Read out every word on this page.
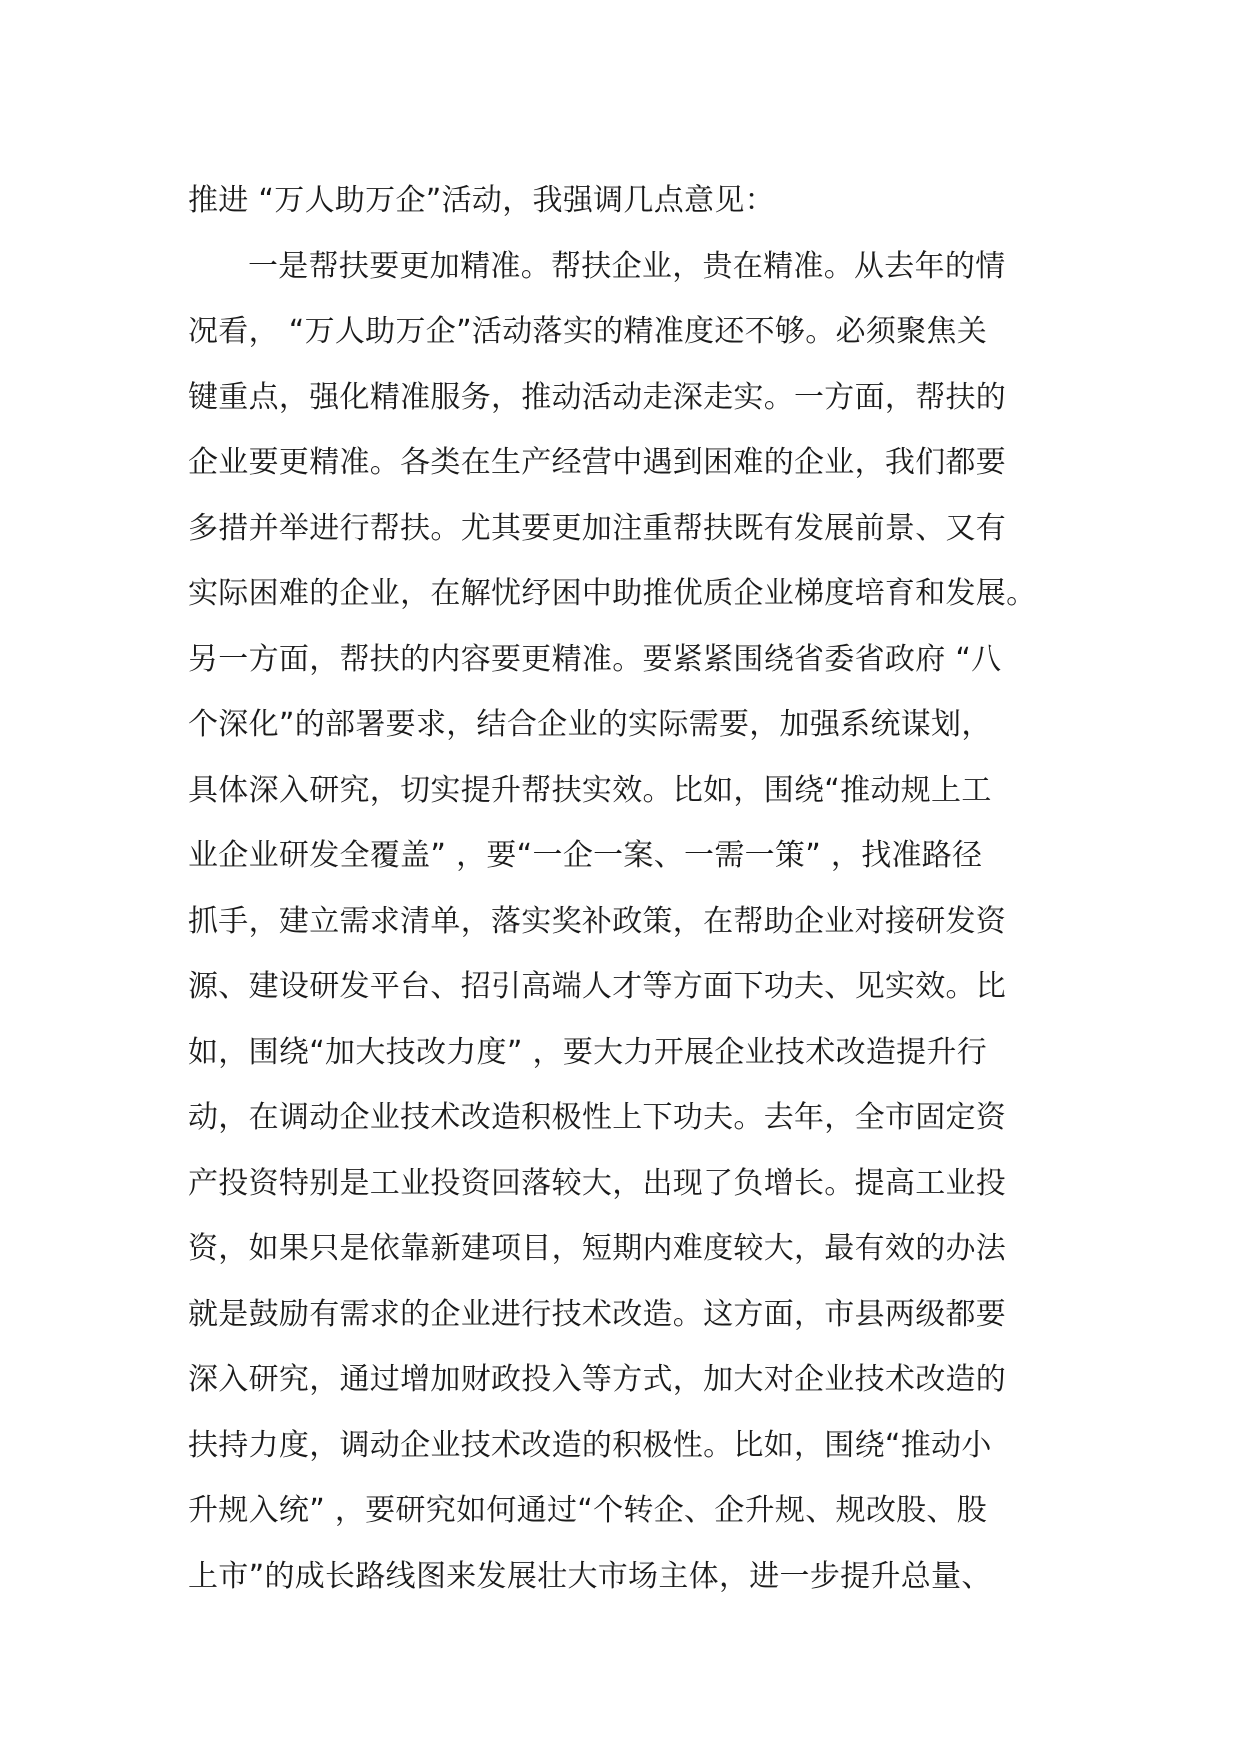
推进 “万人助万企”活动，我强调几点意见：
一是帮扶要更加精准。帮扶企业，贵在精准。从去年的情
况看， “万人助万企”活动落实的精准度还不够。必须聚焦关
键重点，强化精准服务，推动活动走深走实。一方面，帮扶的
企业要更精准。各类在生产经营中遇到困难的企业，我们都要
多措并举进行帮扶。尤其要更加注重帮扶既有发展前景、又有
实际困难的企业，在解忧纾困中助推优质企业梯度培育和发展。
另一方面，帮扶的内容要更精准。要紧紧围绕省委省政府 “八
个深化”的部署要求，结合企业的实际需要，加强系统谋划，
具体深入研究，切实提升帮扶实效。比如，围绕“推动规上工
业企业研发全覆盖” ，要“一企一案、一需一策” ，找准路径
抓手，建立需求清单，落实奖补政策，在帮助企业对接研发资
源、建设研发平台、招引高端人才等方面下功夫、见实效。比
如，围绕“加大技改力度” ，要大力开展企业技术改造提升行
动，在调动企业技术改造积极性上下功夫。去年，全市固定资
产投资特别是工业投资回落较大，出现了负增长。提高工业投
资，如果只是依靠新建项目，短期内难度较大，最有效的办法
就是鼓励有需求的企业进行技术改造。这方面，市县两级都要
深入研究，通过增加财政投入等方式，加大对企业技术改造的
扶持力度，调动企业技术改造的积极性。比如，围绕“推动小
升规入统” ，要研究如何通过“个转企、企升规、规改股、股
上市”的成长路线图来发展壮大市场主体，进一步提升总量、
